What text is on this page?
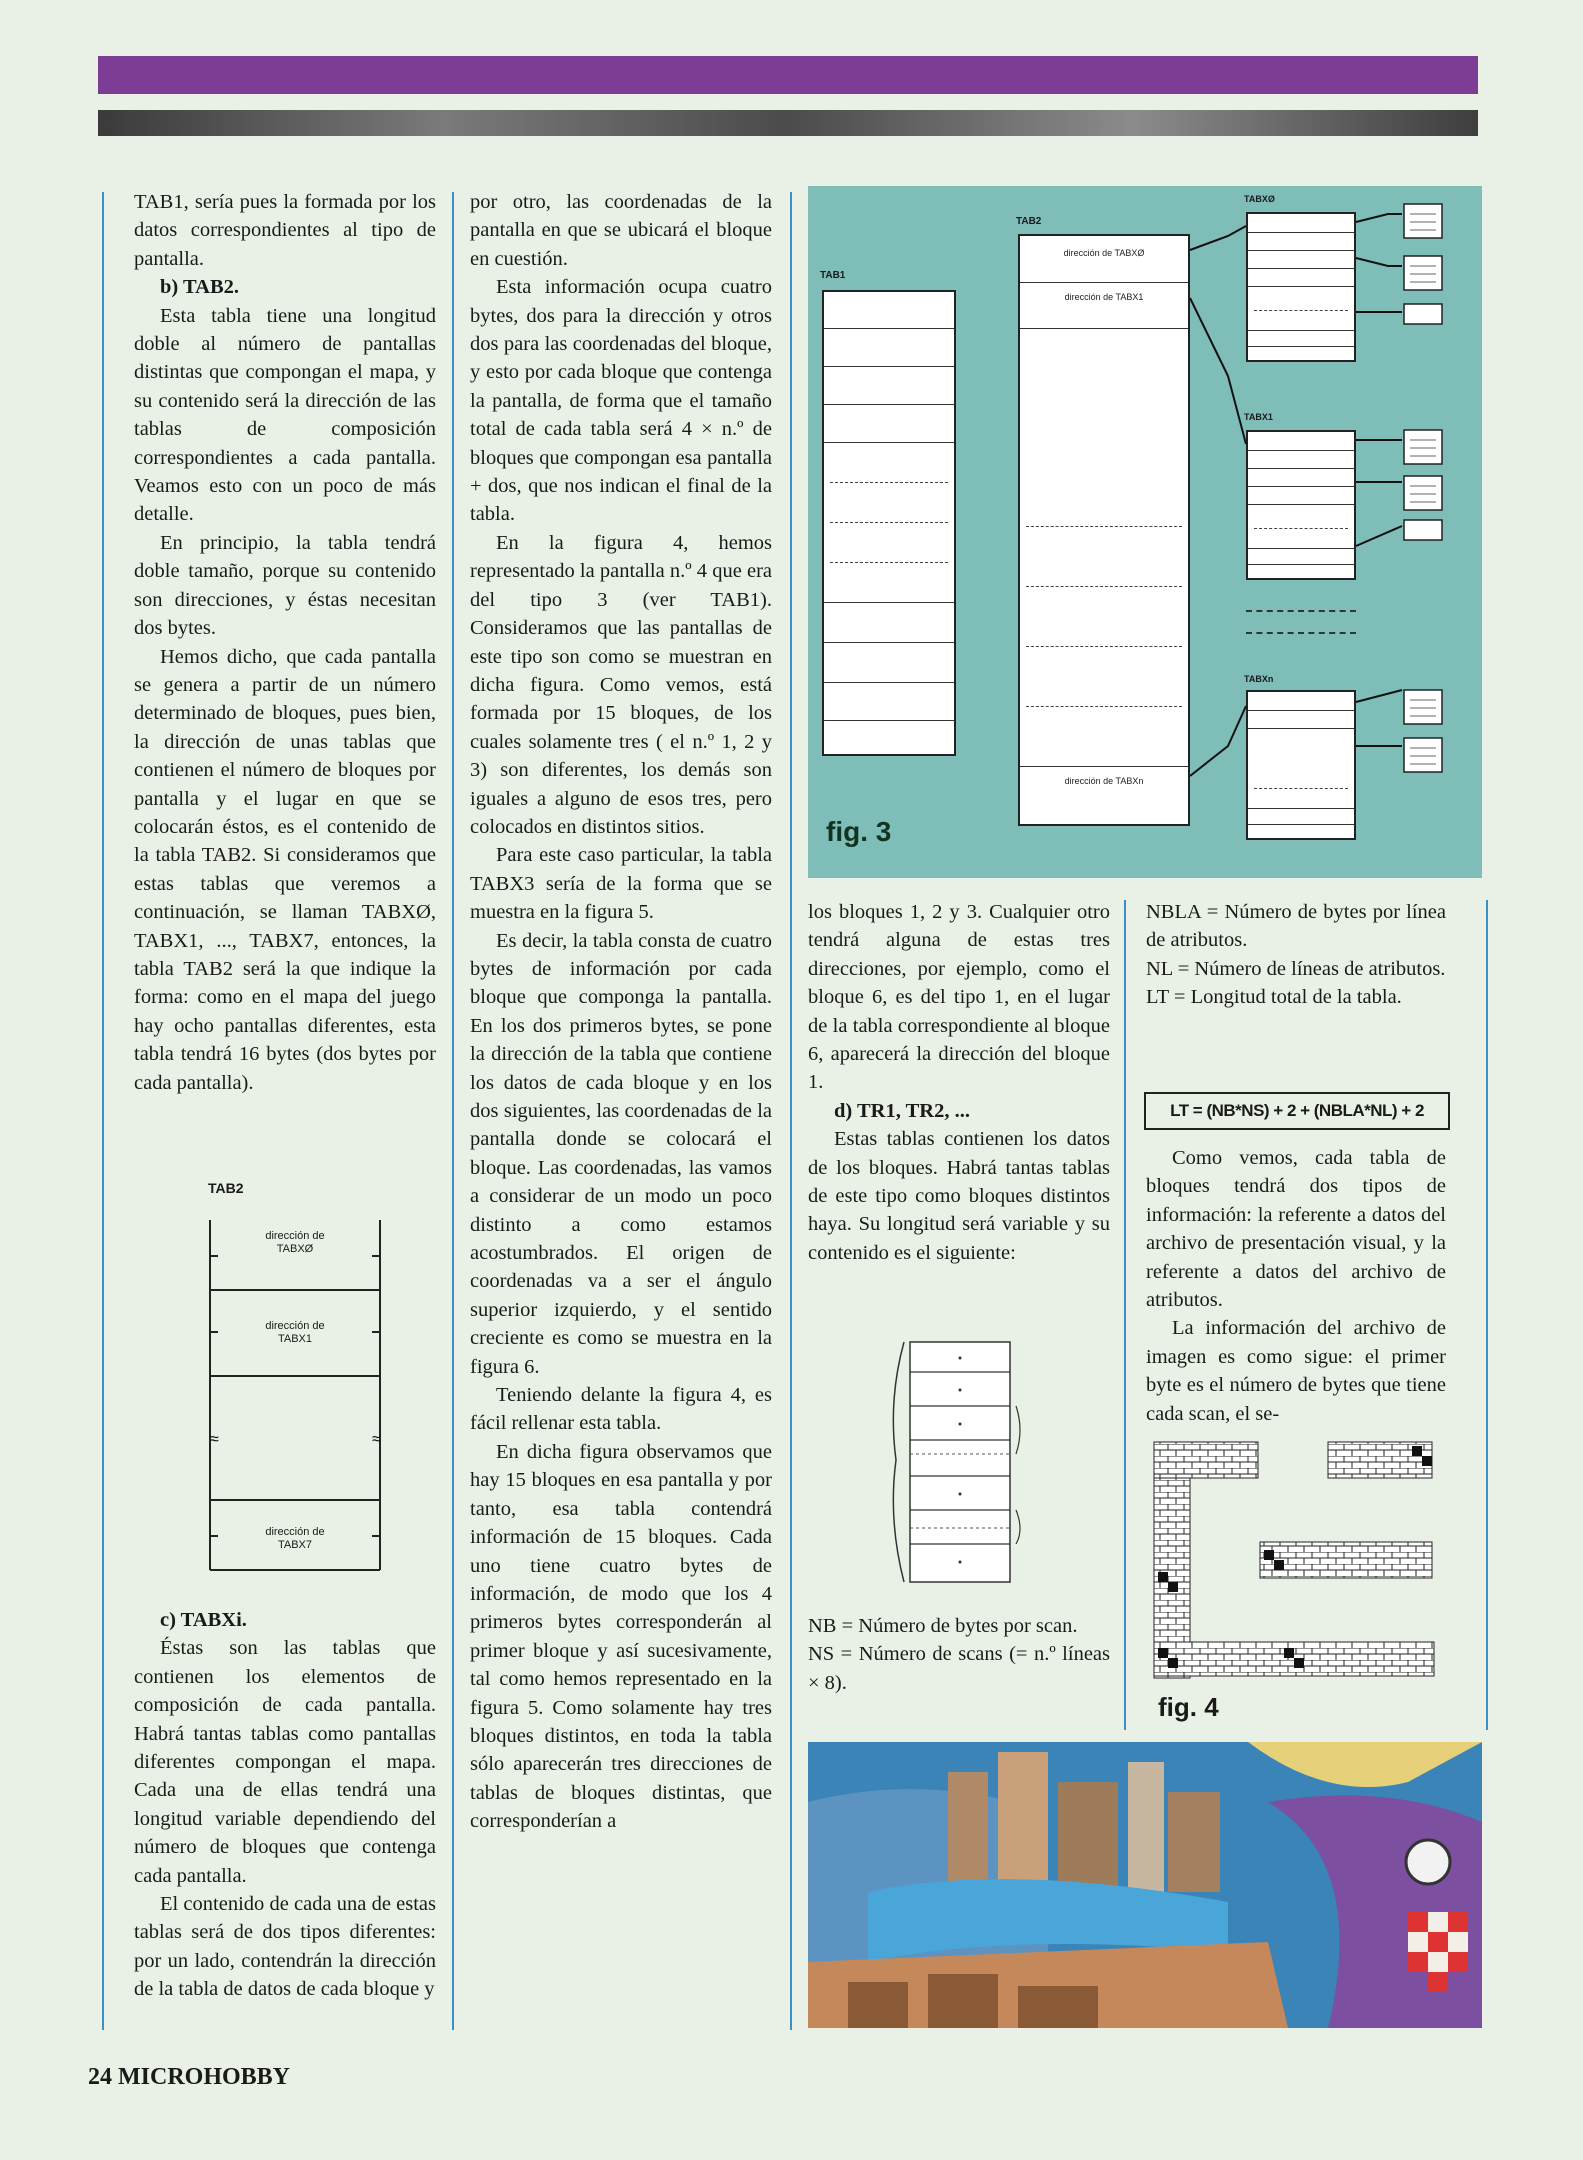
TAB1, sería pues la formada por los datos correspondientes al tipo de pantalla.

b) TAB2.

Esta tabla tiene una longitud doble al número de pantallas distintas que compongan el mapa, y su contenido será la dirección de las tablas de composición correspondientes a cada pantalla. Veamos esto con un poco de más detalle.

En principio, la tabla tendrá doble tamaño, porque su contenido son direcciones, y éstas necesitan dos bytes.

Hemos dicho, que cada pantalla se genera a partir de un número determinado de bloques, pues bien, la dirección de unas tablas que contienen el número de bloques por pantalla y el lugar en que se colocarán éstos, es el contenido de la tabla TAB2. Si consideramos que estas tablas que veremos a continuación, se llaman TABXØ, TABX1, ..., TABX7, entonces, la tabla TAB2 será la que indique la forma: como en el mapa del juego hay ocho pantallas diferentes, esta tabla tendrá 16 bytes (dos bytes por cada pantalla).

TAB2
≈	≈
dirección de TABXØ
dirección de TABX1
dirección de TABX7

c) TABXi.

Éstas son las tablas que contienen los elementos de composición de cada pantalla. Habrá tantas tablas como pantallas diferentes compongan el mapa. Cada una de ellas tendrá una longitud variable dependiendo del número de bloques que contenga cada pantalla.

El contenido de cada una de estas tablas será de dos tipos diferentes: por un lado, contendrán la dirección de la tabla de datos de cada bloque y

por otro, las coordenadas de la pantalla en que se ubicará el bloque en cuestión.

Esta información ocupa cuatro bytes, dos para la dirección y otros dos para las coordenadas del bloque, y esto por cada bloque que contenga la pantalla, de forma que el tamaño total de cada tabla será 4 × n.º de bloques que compongan esa pantalla + dos, que nos indican el final de la tabla.

En la figura 4, hemos representado la pantalla n.º 4 que era del tipo 3 (ver TAB1). Consideramos que las pantallas de este tipo son como se muestran en dicha figura. Como vemos, está formada por 15 bloques, de los cuales solamente tres ( el n.º 1, 2 y 3) son diferentes, los demás son iguales a alguno de esos tres, pero colocados en distintos sitios.

Para este caso particular, la tabla TABX3 sería de la forma que se muestra en la figura 5.

Es decir, la tabla consta de cuatro bytes de información por cada bloque que componga la pantalla. En los dos primeros bytes, se pone la dirección de la tabla que contiene los datos de cada bloque y en los dos siguientes, las coordenadas de la pantalla donde se colocará el bloque. Las coordenadas, las vamos a considerar de un modo un poco distinto a como estamos acostumbrados. El origen de coordenadas va a ser el ángulo superior izquierdo, y el sentido creciente es como se muestra en la figura 6.

Teniendo delante la figura 4, es fácil rellenar esta tabla.

En dicha figura observamos que hay 15 bloques en esa pantalla y por tanto, esa tabla contendrá información de 15 bloques. Cada uno tiene cuatro bytes de información, de modo que los 4 primeros bytes corresponderán al primer bloque y así sucesivamente, tal como hemos representado en la figura 5. Como solamente hay tres bloques distintos, en toda la tabla sólo aparecerán tres direcciones de tablas de bloques distintas, que corresponderían a

fig. 3
TAB1
TAB2
dirección de TABXØ
dirección de TABX1
dirección de TABXn
TABXØ
TABX1
TABXn

los bloques 1, 2 y 3. Cualquier otro tendrá alguna de estas tres direcciones, por ejemplo, como el bloque 6, es del tipo 1, en el lugar de la tabla correspondiente al bloque 6, aparecerá la dirección del bloque 1.

d) TR1, TR2, ...

Estas tablas contienen los datos de los bloques. Habrá tantas tablas de este tipo como bloques distintos haya. Su longitud será variable y su contenido es el siguiente:

NB = Número de bytes por scan.

NS = Número de scans (= n.º líneas × 8).

NBLA = Número de bytes por línea de atributos.

NL = Número de líneas de atributos.

LT = Longitud total de la tabla.

LT = (NB*NS) + 2 + (NBLA*NL) + 2

Como vemos, cada tabla de bloques tendrá dos tipos de información: la referente a datos del archivo de presentación visual, y la referente a datos del archivo de atributos.

La información del archivo de imagen es como sigue: el primer byte es el número de bytes que tiene cada scan, el se-

fig. 4
24 MICROHOBBY
